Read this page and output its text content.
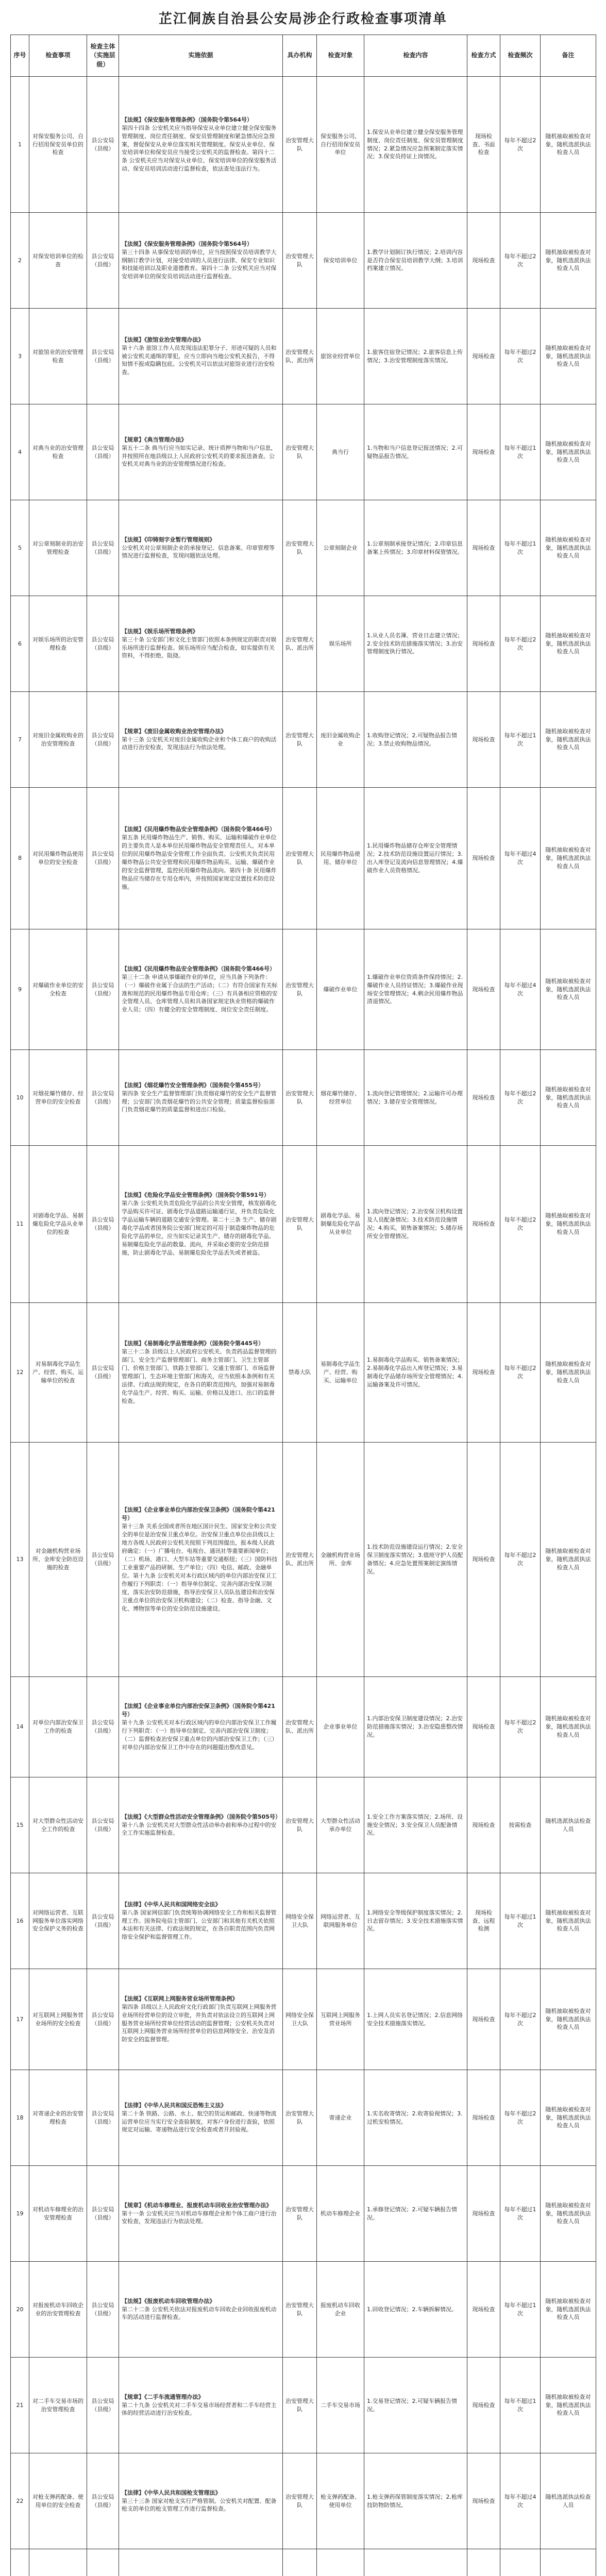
芷江侗族自治县公安局涉企行政检查事项清单
序号	检查事项	检查主体（实施层级）	实施依据	具办机构	检查对象	检查内容	检查方式	检查频次	备注
1	对保安服务公司、自行招用保安员单位的检查	县公安局（县级）	【法规】《保安服务管理条例》（国务院令第564号）
第四十四条 公安机关应当指导保安从业单位建立健全保安服务管理制度、岗位责任制度、保安员管理制度和紧急情况应急预案，督促保安从业单位落实相关管理制度。保安从业单位、保安培训单位和保安员应当接受公安机关的监督检查。第四十二条 公安机关应当对保安从业单位、保安培训单位的保安服务活动、保安员培训活动进行监督检查，依法查处违法行为。	治安管理大队	保安服务公司、自行招用保安员单位	1.保安从业单位建立健全保安服务管理制度、岗位责任制度、保安员管理制度情况；2.紧急情况应急预案制定落实情况；3.保安员持证上岗情况。	现场检查、书面检查	每年不超过2次	随机抽取被检查对象，随机选派执法检查人员
2	对保安培训单位的检查	县公安局（县级）	【法规】《保安服务管理条例》（国务院令第564号）
第三十四条 从事保安培训的单位，应当按照保安员培训教学大纲制订教学计划，对接受培训的人员进行法律、保安专业知识和技能培训以及职业道德教育。第四十二条 公安机关应当对保安培训单位的保安员培训活动进行监督检查。	治安管理大队	保安培训单位	1.教学计划制订执行情况；2.培训内容是否符合保安员培训教学大纲；3.培训档案建立情况。	现场检查	每年不超过2次	随机抽取被检查对象，随机选派执法检查人员
3	对旅馆业的治安管理检查	县公安局（县级）	【法规】《旅馆业治安管理办法》
第十六条 旅馆工作人员发现违法犯罪分子、形迹可疑的人员和被公安机关通缉的罪犯，应当立即向当地公安机关报告，不得知情不报或隐瞒包庇。公安机关可以依法对旅馆业进行治安检查。	治安管理大队、派出所	旅馆业经营单位	1.旅客住宿登记情况；2.旅客信息上传情况；3.治安管理制度落实情况。	现场检查	每年不超过2次	随机抽取被检查对象，随机选派执法检查人员
4	对典当业的治安管理检查	县公安局（县级）	【规章】《典当管理办法》
第五十二条 典当行应当如实记录、统计质押当物和当户信息，并按照所在地县级以上人民政府公安机关的要求报送备查。公安机关对典当业的治安管理情况进行检查。	治安管理大队	典当行	1.当物和当户信息登记报送情况；2.可疑物品报告情况。	现场检查	每年不超过1次	随机抽取被检查对象，随机选派执法检查人员
5	对公章刻制业的治安管理检查	县公安局（县级）	【法规】《印铸刻字业暂行管理规则》
公安机关对公章刻制企业的承接登记、信息备案、印章管理等情况进行监督检查，发现问题依法处理。	治安管理大队	公章刻制企业	1.公章刻制承接登记情况；2.印章信息备案上传情况；3.印章材料保管情况。	现场检查	每年不超过1次	随机抽取被检查对象，随机选派执法检查人员
6	对娱乐场所的治安管理检查	县公安局（县级）	【法规】《娱乐场所管理条例》
第三十条 公安部门和文化主管部门依照本条例规定的职责对娱乐场所进行监督检查。娱乐场所应当配合检查，如实提供有关资料，不得拒绝、阻挠。	治安管理大队、派出所	娱乐场所	1.从业人员名簿、营业日志建立情况；2.安全技术防范措施落实情况；3.治安管理制度执行情况。	现场检查	每年不超过2次	随机抽取被检查对象，随机选派执法检查人员
7	对废旧金属收购业的治安管理检查	县公安局（县级）	【规章】《废旧金属收购业治安管理办法》
第十三条 公安机关对废旧金属收购企业和个体工商户的收购活动进行治安检查，发现违法行为依法处理。	治安管理大队	废旧金属收购企业	1.收购登记情况；2.可疑物品报告情况；3.禁止收购物品情况。	现场检查	每年不超过1次	随机抽取被检查对象，随机选派执法检查人员
8	对民用爆炸物品使用单位的安全检查	县公安局（县级）	【法规】《民用爆炸物品安全管理条例》（国务院令第466号）
第五条 民用爆炸物品生产、销售、购买、运输和爆破作业单位的主要负责人是本单位民用爆炸物品安全管理责任人，对本单位的民用爆炸物品安全管理工作全面负责。公安机关负责民用爆炸物品公共安全管理和民用爆炸物品购买、运输、爆破作业的安全监督管理，监控民用爆炸物品流向。第四十条 民用爆炸物品应当储存在专用仓库内，并按照国家规定设置技术防范设施。	治安管理大队	民用爆炸物品使用、储存单位	1.民用爆炸物品储存仓库安全管理情况；2.技术防范设施设置运行情况；3.出入库登记及流向信息管理情况；4.爆破作业人员资格情况。	现场检查	每年不超过4次	随机抽取被检查对象，随机选派执法检查人员
9	对爆破作业单位的安全检查	县公安局（县级）	【法规】《民用爆炸物品安全管理条例》（国务院令第466号）
第三十二条 申请从事爆破作业的单位，应当具备下列条件：（一）爆破作业属于合法的生产活动；（二）有符合国家有关标准和规范的民用爆炸物品专用仓库；（三）有具备相应资格的安全管理人员、仓库管理人员和具备国家规定执业资格的爆破作业人员；（四）有健全的安全管理制度、岗位安全责任制度。	治安管理大队	爆破作业单位	1.爆破作业单位资质条件保持情况；2.爆破作业人员持证情况；3.爆破作业现场安全管理情况；4.剩余民用爆炸物品清退情况。	现场检查	每年不超过4次	随机抽取被检查对象，随机选派执法检查人员
10	对烟花爆竹储存、经营单位的安全检查	县公安局（县级）	【法规】《烟花爆竹安全管理条例》（国务院令第455号）
第四条 安全生产监督管理部门负责烟花爆竹的安全生产监督管理；公安部门负责烟花爆竹的公共安全管理；质量监督检验部门负责烟花爆竹的质量监督和进出口检验。	治安管理大队	烟花爆竹储存、经营单位	1.流向登记管理情况；2.运输许可办理情况；3.储存安全管理情况。	现场检查	每年不超过2次	随机抽取被检查对象，随机选派执法检查人员
11	对剧毒化学品、易制爆危险化学品从业单位的检查	县公安局（县级）	【法规】《危险化学品安全管理条例》（国务院令第591号）
第六条 公安机关负责危险化学品的公共安全管理，核发剧毒化学品购买许可证、剧毒化学品道路运输通行证，并负责危险化学品运输车辆的道路交通安全管理。第二十三条 生产、储存剧毒化学品或者国务院公安部门规定的可用于制造爆炸物品的危险化学品的单位，应当如实记录其生产、储存的剧毒化学品、易制爆危险化学品的数量、流向，并采取必要的安全防范措施，防止剧毒化学品、易制爆危险化学品丢失或者被盗。	治安管理大队	剧毒化学品、易制爆危险化学品从业单位	1.流向登记情况；2.治安保卫机构设置及人员配备情况；3.技术防范设施情况；4.购买、销售备案情况；5.储存场所安全管理情况。	现场检查	每年不超过2次	随机抽取被检查对象，随机选派执法检查人员
12	对易制毒化学品生产、经营、购买、运输单位的检查	县公安局（县级）	【法规】《易制毒化学品管理条例》（国务院令第445号）
第三十二条 县级以上人民政府公安机关、负责药品监督管理的部门、安全生产监督管理部门、商务主管部门、卫生主管部门、价格主管部门、铁路主管部门、交通主管部门、市场监督管理部门、生态环境主管部门和海关，应当依照本条例和有关法律、行政法规的规定，在各自的职责范围内，加强对易制毒化学品生产、经营、购买、运输、价格以及进口、出口的监督检查。	禁毒大队	易制毒化学品生产、经营、购买、运输单位	1.易制毒化学品购买、销售备案情况；2.易制毒化学品出入库登记情况；3.易制毒化学品储存场所安全管理情况；4.运输备案及许可情况。	现场检查	每年不超过2次	随机抽取被检查对象，随机选派执法检查人员
13	对金融机构营业场所、金库安全防范设施的检查	县公安局（县级）	【法规】《企业事业单位内部治安保卫条例》（国务院令第421号）
第十三条 关系全国或者所在地区国计民生、国家安全和公共安全的单位是治安保卫重点单位。治安保卫重点单位由县级以上地方各级人民政府公安机关按照下列范围提出，报本级人民政府确定：（一）广播电台、电视台、通讯社等重要新闻单位；（二）机场、港口、大型车站等重要交通枢纽；（三）国防科技工业重要产品的研制、生产单位；（四）电信、邮政、金融单位。第十九条 公安机关对本行政区域内的单位内部治安保卫工作履行下列职责：（一）指导单位制定、完善内部治安保卫制度，落实治安防范措施，指导治安保卫人员队伍建设和治安保卫重点单位的治安保卫机构建设；（二）检查、指导金融、文化、博物馆等单位的安全防范设施建设。	治安管理大队、派出所	金融机构营业场所、金库	1.技术防范设施建设运行情况；2.安全保卫制度落实情况；3.值班守护人员配备情况；4.应急处置预案制定演练情况。	现场检查	每年不超过2次	随机抽取被检查对象，随机选派执法检查人员
14	对单位内部治安保卫工作的检查	县公安局（县级）	【法规】《企业事业单位内部治安保卫条例》（国务院令第421号）
第十九条 公安机关对本行政区域内的单位内部治安保卫工作履行下列职责：（一）指导单位制定、完善内部治安保卫制度；（二）监督检查治安保卫重点单位的内部治安保卫工作；（三）对单位内部治安保卫工作中存在的问题提出整改意见。	治安管理大队、派出所	企业事业单位	1.内部治安保卫制度建设情况；2.治安防范措施落实情况；3.治安隐患整改情况。	现场检查	每年不超过2次	随机抽取被检查对象，随机选派执法检查人员
15	对大型群众性活动安全工作的检查	县公安局（县级）	【法规】《大型群众性活动安全管理条例》（国务院令第505号）
第十八条 公安机关对大型群众性活动举办前和举办过程中的安全工作实施监督检查。	治安管理大队	大型群众性活动承办单位	1.安全工作方案落实情况；2.场所、设施安全情况；3.安全保卫人员配备情况。	现场检查	按需检查	随机选派执法检查人员
16	对网络运营者、互联网服务单位落实网络安全保护义务的检查	县公安局（县级）	【法律】《中华人民共和国网络安全法》
第八条 国家网信部门负责统筹协调网络安全工作和相关监督管理工作。国务院电信主管部门、公安部门和其他有关机关依照本法和有关法律、行政法规的规定，在各自职责范围内负责网络安全保护和监督管理工作。	网络安全保卫大队	网络运营者、互联网服务单位	1.网络安全等级保护制度落实情况；2.日志留存情况；3.安全技术措施落实情况。	现场检查、远程检测	每年不超过1次	随机抽取被检查对象，随机选派执法检查人员
17	对互联网上网服务营业场所的安全检查	县公安局（县级）	【法规】《互联网上网服务营业场所管理条例》
第四条 县级以上人民政府文化行政部门负责互联网上网服务营业场所经营单位的设立审批，并负责对依法设立的互联网上网服务营业场所经营单位经营活动的监督管理；公安机关负责对互联网上网服务营业场所经营单位的信息网络安全、治安及消防安全的监督管理。	网络安全保卫大队	互联网上网服务营业场所	1.上网人员实名登记情况；2.信息网络安全技术措施落实情况。	现场检查	每年不超过2次	随机抽取被检查对象，随机选派执法检查人员
18	对寄递企业的治安管理检查	县公安局（县级）	【法律】《中华人民共和国反恐怖主义法》
第二十条 铁路、公路、水上、航空的货运和邮政、快递等物流运营单位应当实行安全查验制度，对客户身份进行查验，依照规定对运输、寄递物品进行安全检查或者开封验视。	治安管理大队	寄递企业	1.实名收寄情况；2.收寄验视情况；3.过机安检情况。	现场检查	每年不超过2次	随机抽取被检查对象，随机选派执法检查人员
19	对机动车修理业的治安管理检查	县公安局（县级）	【规章】《机动车修理业、报废机动车回收业治安管理办法》
第十一条 公安机关应当对机动车修理企业和个体工商户进行治安检查，发现违法行为依法处理。	治安管理大队	机动车修理企业	1.承修登记情况；2.可疑车辆报告情况。	现场检查	每年不超过1次	随机抽取被检查对象，随机选派执法检查人员
20	对报废机动车回收企业的治安管理检查	县公安局（县级）	【法规】《报废机动车回收管理办法》
第二十二条 公安机关依法对报废机动车回收企业回收报废机动车的活动进行监督检查。	治安管理大队	报废机动车回收企业	1.回收登记情况；2.车辆拆解情况。	现场检查	每年不超过1次	随机抽取被检查对象，随机选派执法检查人员
21	对二手车交易市场的治安管理检查	县公安局（县级）	【规章】《二手车流通管理办法》
第二十九条 公安机关对二手车交易市场经营者和二手车经营主体的经营活动进行治安检查。	治安管理大队	二手车交易市场	1.交易登记情况；2.可疑车辆报告情况。	现场检查	每年不超过1次	随机抽取被检查对象，随机选派执法检查人员
22	对枪支弹药配备、使用单位的安全检查	县公安局（县级）	【法律】《中华人民共和国枪支管理法》
第三十三条 国家对枪支实行严格管制。公安机关对配置、配备枪支的单位的枪支管理工作进行监督检查。	治安管理大队	枪支弹药配备、使用单位	1.枪支弹药保管制度落实情况；2.枪库技防物防情况。	现场检查	每年不超过4次	随机选派执法检查人员
